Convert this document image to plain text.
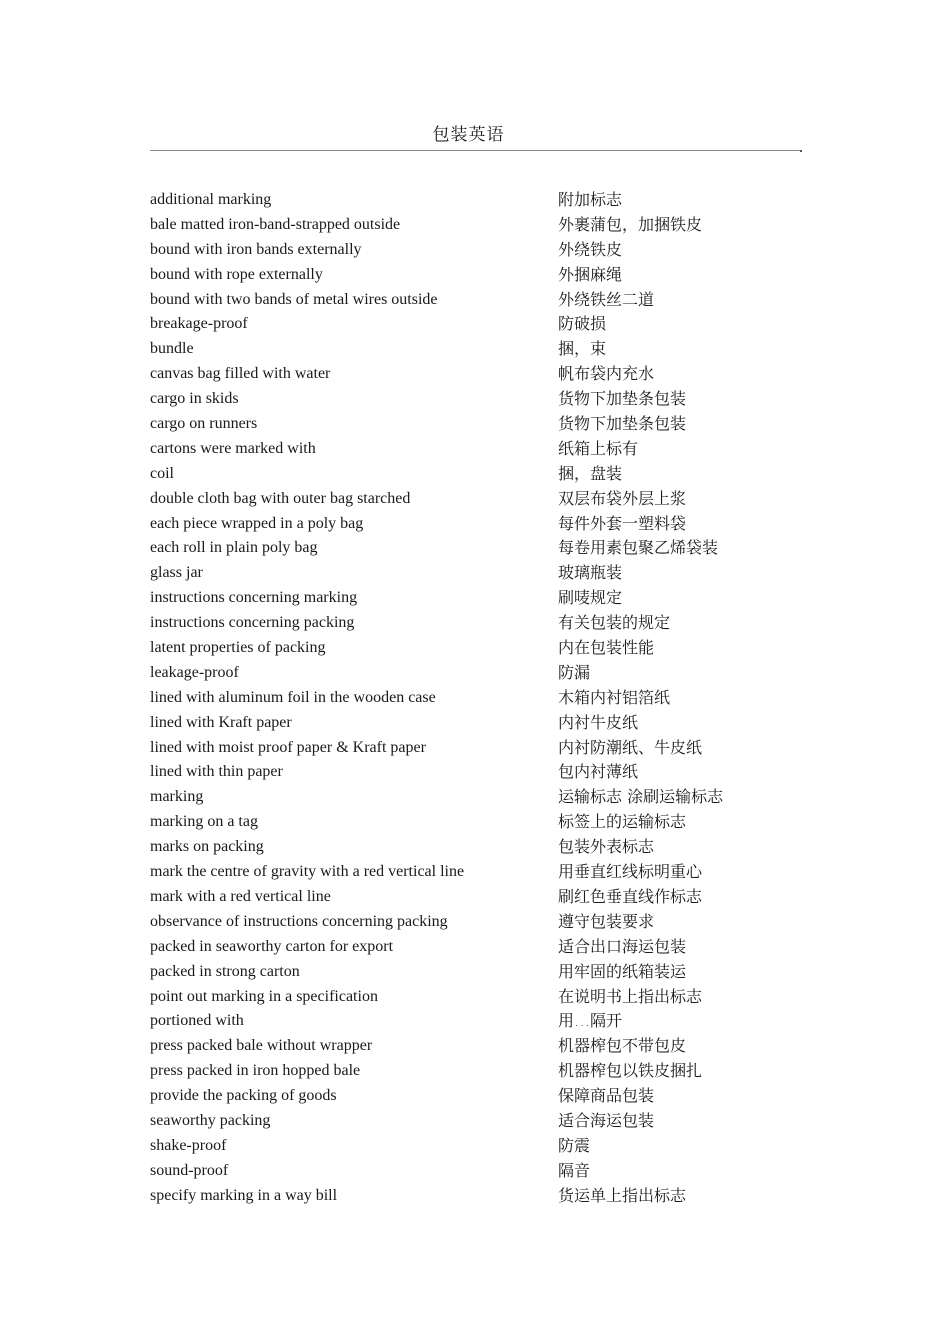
包装英语
additional marking	附加标志
bale matted iron-band-strapped outside	外裹蒲包，加捆铁皮
bound with iron bands externally	外绕铁皮
bound with rope externally	外捆麻绳
bound with two bands of metal wires outside	外绕铁丝二道
breakage-proof	防破损
bundle	捆，束
canvas bag filled with water	帆布袋内充水
cargo in skids	货物下加垫条包装
cargo on runners	货物下加垫条包装
cartons were marked with	纸箱上标有
coil	捆，盘装
double cloth bag with outer bag starched	双层布袋外层上浆
each piece wrapped in a poly bag	每件外套一塑料袋
each roll in plain poly bag	每卷用素包聚乙烯袋装
glass jar	玻璃瓶装
instructions concerning marking	刷唛规定
instructions concerning packing	有关包装的规定
latent properties of packing	内在包装性能
leakage-proof	防漏
lined with aluminum foil in the wooden case	木箱内衬铝箔纸
lined with Kraft paper	内衬牛皮纸
lined with moist proof paper & Kraft paper	内衬防潮纸、牛皮纸
lined with thin paper	包内衬薄纸
marking	运输标志 涂刷运输标志
marking on a tag	标签上的运输标志
marks on packing	包装外表标志
mark the centre of gravity with a red vertical line	用垂直红线标明重心
mark with a red vertical line	刷红色垂直线作标志
observance of instructions concerning packing	遵守包装要求
packed in seaworthy carton for export	适合出口海运包装
packed in strong carton	用牢固的纸箱装运
point out marking in a specification	在说明书上指出标志
portioned with	用…隔开
press packed bale without wrapper	机器榨包不带包皮
press packed in iron hopped bale	机器榨包以铁皮捆扎
provide the packing of goods	保障商品包装
seaworthy packing	适合海运包装
shake-proof	防震
sound-proof	隔音
specify marking in a way bill	货运单上指出标志
